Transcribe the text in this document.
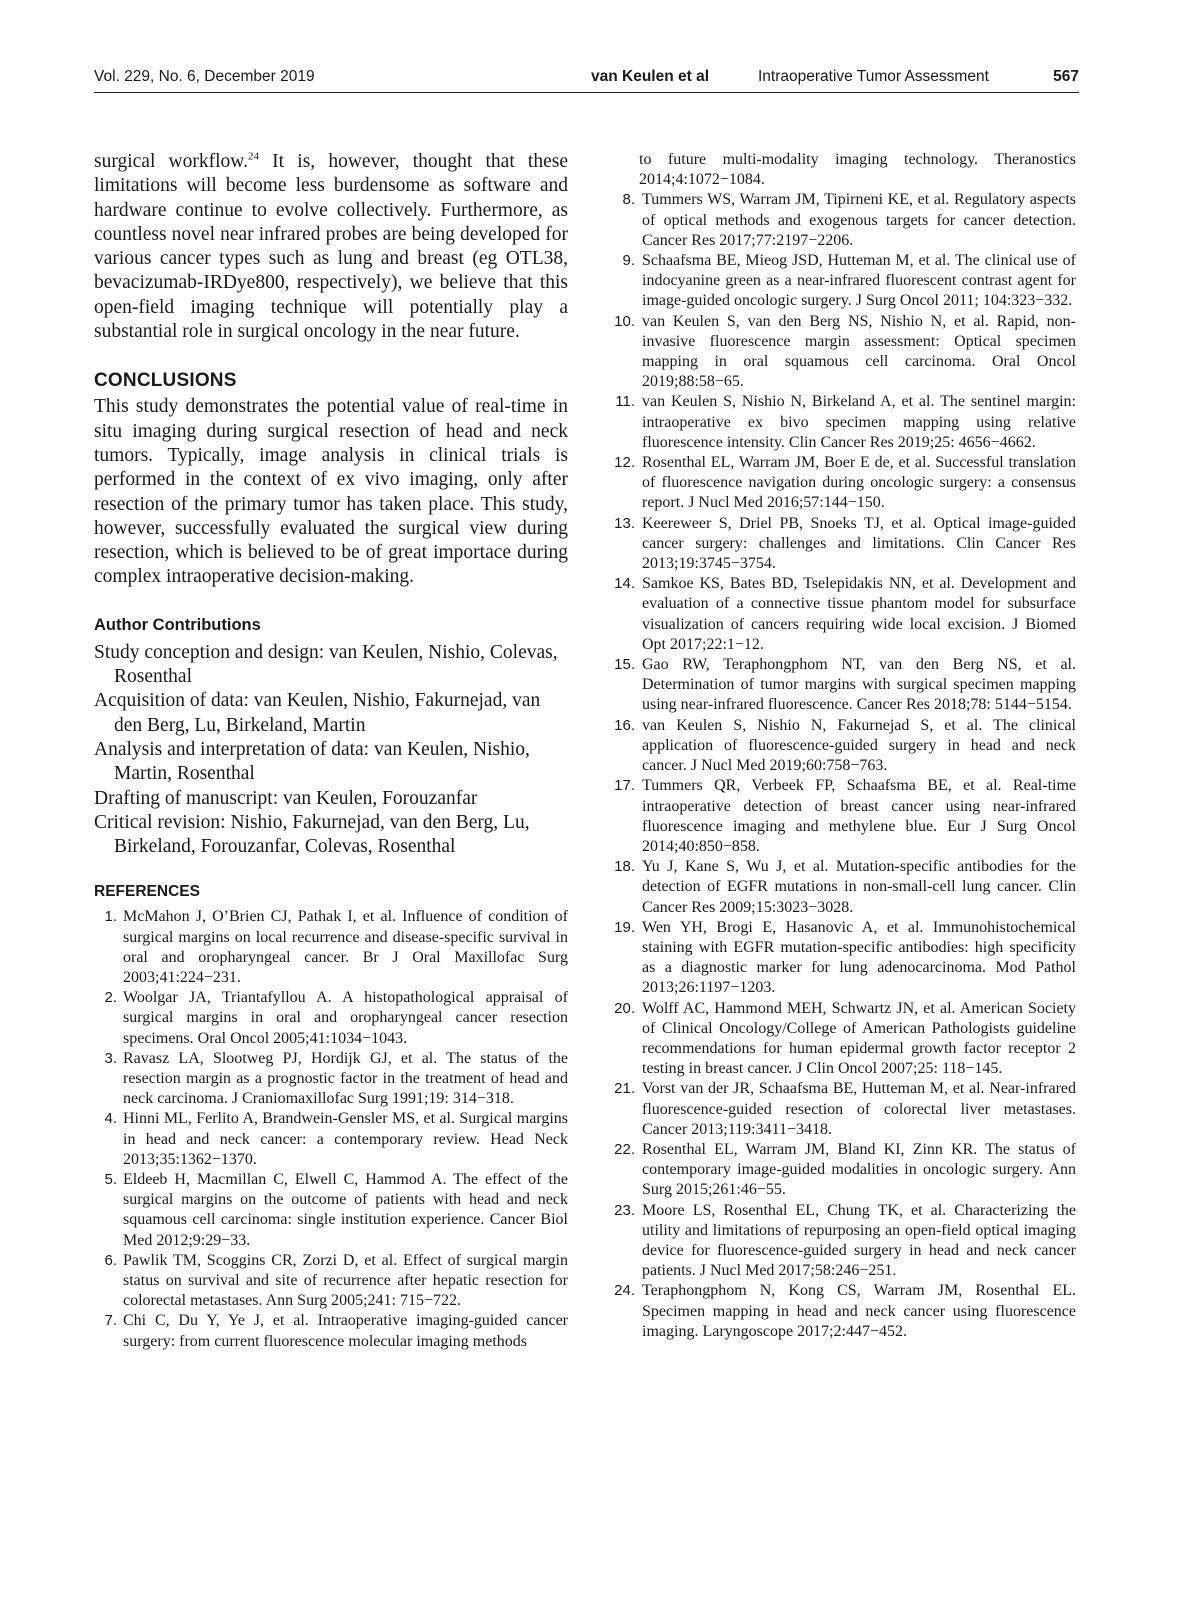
Vol. 229, No. 6, December 2019	van Keulen et al	Intraoperative Tumor Assessment	567

surgical workflow.$^{24}$ It is, however, thought that these limitations will become less burdensome as software and hardware continue to evolve collectively. Furthermore, as countless novel near infrared probes are being developed for various cancer types such as lung and breast (eg OTL38, bevacizumab-IRDye800, respectively), we believe that this open-field imaging technique will potentially play a substantial role in surgical oncology in the near future.

CONCLUSIONS

This study demonstrates the potential value of real-time in situ imaging during surgical resection of head and neck tumors. Typically, image analysis in clinical trials is performed in the context of ex vivo imaging, only after resection of the primary tumor has taken place. This study, however, successfully evaluated the surgical view during resection, which is believed to be of great importace during complex intraoperative decision-making.

Author Contributions
Study conception and design: van Keulen, Nishio, Colevas, Rosenthal
Acquisition of data: van Keulen, Nishio, Fakurnejad, van den Berg, Lu, Birkeland, Martin
Analysis and interpretation of data: van Keulen, Nishio, Martin, Rosenthal
Drafting of manuscript: van Keulen, Forouzanfar
Critical revision: Nishio, Fakurnejad, van den Berg, Lu, Birkeland, Forouzanfar, Colevas, Rosenthal
REFERENCES
1. McMahon J, O’Brien CJ, Pathak I, et al. Influence of condition of surgical margins on local recurrence and disease-specific survival in oral and oropharyngeal cancer. Br J Oral Maxillofac Surg 2003;41:224−231.
2. Woolgar JA, Triantafyllou A. A histopathological appraisal of surgical margins in oral and oropharyngeal cancer resection specimens. Oral Oncol 2005;41:1034−1043.
3. Ravasz LA, Slootweg PJ, Hordijk GJ, et al. The status of the resection margin as a prognostic factor in the treatment of head and neck carcinoma. J Craniomaxillofac Surg 1991;19: 314−318.
4. Hinni ML, Ferlito A, Brandwein-Gensler MS, et al. Surgical margins in head and neck cancer: a contemporary review. Head Neck 2013;35:1362−1370.
5. Eldeeb H, Macmillan C, Elwell C, Hammod A. The effect of the surgical margins on the outcome of patients with head and neck squamous cell carcinoma: single institution experience. Cancer Biol Med 2012;9:29−33.
6. Pawlik TM, Scoggins CR, Zorzi D, et al. Effect of surgical margin status on survival and site of recurrence after hepatic resection for colorectal metastases. Ann Surg 2005;241: 715−722.
7. Chi C, Du Y, Ye J, et al. Intraoperative imaging-guided cancer surgery: from current fluorescence molecular imaging methods

to future multi-modality imaging technology. Theranostics 2014;4:1072−1084.

8. Tummers WS, Warram JM, Tipirneni KE, et al. Regulatory aspects of optical methods and exogenous targets for cancer detection. Cancer Res 2017;77:2197−2206.
9. Schaafsma BE, Mieog JSD, Hutteman M, et al. The clinical use of indocyanine green as a near-infrared fluorescent contrast agent for image-guided oncologic surgery. J Surg Oncol 2011; 104:323−332.
10. van Keulen S, van den Berg NS, Nishio N, et al. Rapid, non-invasive fluorescence margin assessment: Optical specimen mapping in oral squamous cell carcinoma. Oral Oncol 2019;88:58−65.
11. van Keulen S, Nishio N, Birkeland A, et al. The sentinel margin: intraoperative ex bivo specimen mapping using relative fluorescence intensity. Clin Cancer Res 2019;25: 4656−4662.
12. Rosenthal EL, Warram JM, Boer E de, et al. Successful translation of fluorescence navigation during oncologic surgery: a consensus report. J Nucl Med 2016;57:144−150.
13. Keereweer S, Driel PB, Snoeks TJ, et al. Optical image-guided cancer surgery: challenges and limitations. Clin Cancer Res 2013;19:3745−3754.
14. Samkoe KS, Bates BD, Tselepidakis NN, et al. Development and evaluation of a connective tissue phantom model for subsurface visualization of cancers requiring wide local excision. J Biomed Opt 2017;22:1−12.
15. Gao RW, Teraphongphom NT, van den Berg NS, et al. Determination of tumor margins with surgical specimen mapping using near-infrared fluorescence. Cancer Res 2018;78: 5144−5154.
16. van Keulen S, Nishio N, Fakurnejad S, et al. The clinical application of fluorescence-guided surgery in head and neck cancer. J Nucl Med 2019;60:758−763.
17. Tummers QR, Verbeek FP, Schaafsma BE, et al. Real-time intraoperative detection of breast cancer using near-infrared fluorescence imaging and methylene blue. Eur J Surg Oncol 2014;40:850−858.
18. Yu J, Kane S, Wu J, et al. Mutation-specific antibodies for the detection of EGFR mutations in non-small-cell lung cancer. Clin Cancer Res 2009;15:3023−3028.
19. Wen YH, Brogi E, Hasanovic A, et al. Immunohistochemical staining with EGFR mutation-specific antibodies: high specificity as a diagnostic marker for lung adenocarcinoma. Mod Pathol 2013;26:1197−1203.
20. Wolff AC, Hammond MEH, Schwartz JN, et al. American Society of Clinical Oncology/College of American Pathologists guideline recommendations for human epidermal growth factor receptor 2 testing in breast cancer. J Clin Oncol 2007;25: 118−145.
21. Vorst van der JR, Schaafsma BE, Hutteman M, et al. Near-infrared fluorescence-guided resection of colorectal liver metastases. Cancer 2013;119:3411−3418.
22. Rosenthal EL, Warram JM, Bland KI, Zinn KR. The status of contemporary image-guided modalities in oncologic surgery. Ann Surg 2015;261:46−55.
23. Moore LS, Rosenthal EL, Chung TK, et al. Characterizing the utility and limitations of repurposing an open-field optical imaging device for fluorescence-guided surgery in head and neck cancer patients. J Nucl Med 2017;58:246−251.
24. Teraphongphom N, Kong CS, Warram JM, Rosenthal EL. Specimen mapping in head and neck cancer using fluorescence imaging. Laryngoscope 2017;2:447−452.
